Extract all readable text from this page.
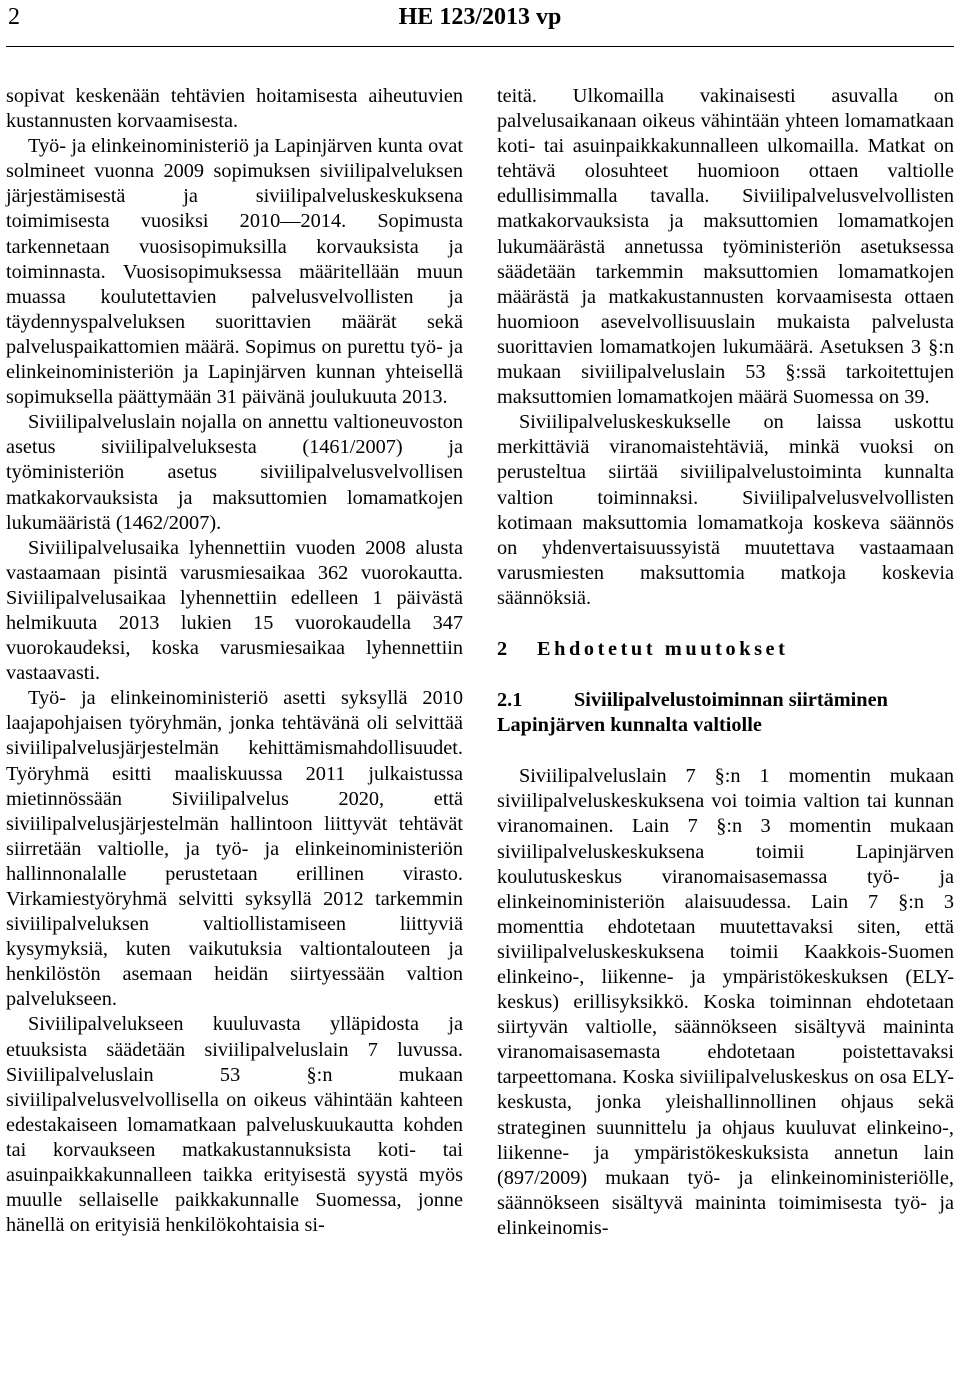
2	HE 123/2013 vp

sopivat keskenään tehtävien hoitamisesta aiheutuvien kustannusten korvaamisesta.

Työ- ja elinkeinoministeriö ja Lapinjärven kunta ovat solmineet vuonna 2009 sopimuksen siviilipalveluksen järjestämisestä ja siviilipalveluskeskuksena toimimisesta vuosiksi 2010—2014. Sopimusta tarkennetaan vuosisopimuksilla korvauksista ja toiminnasta. Vuosisopimuksessa määritellään muun muassa koulutettavien palvelusvelvollisten ja täydennyspalveluksen suorittavien määrät sekä palveluspaikattomien määrä. Sopimus on purettu työ- ja elinkeinoministeriön ja Lapinjärven kunnan yhteisellä sopimuksella päättymään 31 päivänä joulukuuta 2013.

Siviilipalveluslain nojalla on annettu valtioneuvoston asetus siviilipalveluksesta (1461/2007) ja työministeriön asetus siviilipalvelusvelvollisen matkakorvauksista ja maksuttomien lomamatkojen lukumääristä (1462/2007).

Siviilipalvelusaika lyhennettiin vuoden 2008 alusta vastaamaan pisintä varusmiesaikaa 362 vuorokautta. Siviilipalvelusaikaa lyhennettiin edelleen 1 päivästä helmikuuta 2013 lukien 15 vuorokaudella 347 vuorokaudeksi, koska varusmiesaikaa lyhennettiin vastaavasti.

Työ- ja elinkeinoministeriö asetti syksyllä 2010 laajapohjaisen työryhmän, jonka tehtävänä oli selvittää siviilipalvelusjärjestelmän kehittämismahdollisuudet. Työryhmä esitti maaliskuussa 2011 julkaistussa mietinnössään Siviilipalvelus 2020, että siviilipalvelusjärjestelmän hallintoon liittyvät tehtävät siirretään valtiolle, ja työ- ja elinkeinoministeriön hallinnonalalle perustetaan erillinen virasto. Virkamiestyöryhmä selvitti syksyllä 2012 tarkemmin siviilipalveluksen valtiollistamiseen liittyviä kysymyksiä, kuten vaikutuksia valtiontalouteen ja henkilöstön asemaan heidän siirtyessään valtion palvelukseen.

Siviilipalvelukseen kuuluvasta ylläpidosta ja etuuksista säädetään siviilipalveluslain 7 luvussa. Siviilipalveluslain 53 §:n mukaan siviilipalvelusvelvollisella on oikeus vähintään kahteen edestakaiseen lomamatkaan palveluskuukautta kohden tai korvaukseen matkakustannuksista koti- tai asuinpaikkakunnalleen taikka erityisestä syystä myös muulle sellaiselle paikkakunnalle Suomessa, jonne hänellä on erityisiä henkilökohtaisia si-

teitä. Ulkomailla vakinaisesti asuvalla on palvelusaikanaan oikeus vähintään yhteen lomamatkaan koti- tai asuinpaikkakunnalleen ulkomailla. Matkat on tehtävä olosuhteet huomioon ottaen valtiolle edullisimmalla tavalla. Siviilipalvelusvelvollisten matkakorvauksista ja maksuttomien lomamatkojen lukumäärästä annetussa työministeriön asetuksessa säädetään tarkemmin maksuttomien lomamatkojen määrästä ja matkakustannusten korvaamisesta ottaen huomioon asevelvollisuuslain mukaista palvelusta suorittavien lomamatkojen lukumäärä. Asetuksen 3 §:n mukaan siviilipalveluslain 53 §:ssä tarkoitettujen maksuttomien lomamatkojen määrä Suomessa on 39.

Siviilipalveluskeskukselle on laissa uskottu merkittäviä viranomaistehtäviä, minkä vuoksi on perusteltua siirtää siviilipalvelustoiminta kunnalta valtion toiminnaksi. Siviilipalvelusvelvollisten kotimaan maksuttomia lomamatkoja koskeva säännös on yhdenvertaisuussyistä muutettava vastaamaan varusmiesten maksuttomia matkoja koskevia säännöksiä.

2 Ehdotetut muutokset
2.1	Siviilipalvelustoiminnan siirtäminen Lapinjärven kunnalta valtiolle

Siviilipalveluslain 7 §:n 1 momentin mukaan siviilipalveluskeskuksena voi toimia valtion tai kunnan viranomainen. Lain 7 §:n 3 momentin mukaan siviilipalveluskeskuksena toimii Lapinjärven koulutuskeskus viranomaisasemassa työ- ja elinkeinoministeriön alaisuudessa. Lain 7 §:n 3 momenttia ehdotetaan muutettavaksi siten, että siviilipalveluskeskuksena toimii Kaakkois-Suomen elinkeino-, liikenne- ja ympäristökeskuksen (ELY-keskus) erillisyksikkö. Koska toiminnan ehdotetaan siirtyvän valtiolle, säännökseen sisältyvä maininta viranomaisasemasta ehdotetaan poistettavaksi tarpeettomana. Koska siviilipalveluskeskus on osa ELY-keskusta, jonka yleishallinnollinen ohjaus sekä strateginen suunnittelu ja ohjaus kuuluvat elinkeino-, liikenne- ja ympäristökeskuksista annetun lain (897/2009) mukaan työ- ja elinkeinoministeriölle, säännökseen sisältyvä maininta toimimisesta työ- ja elinkeinomis-
